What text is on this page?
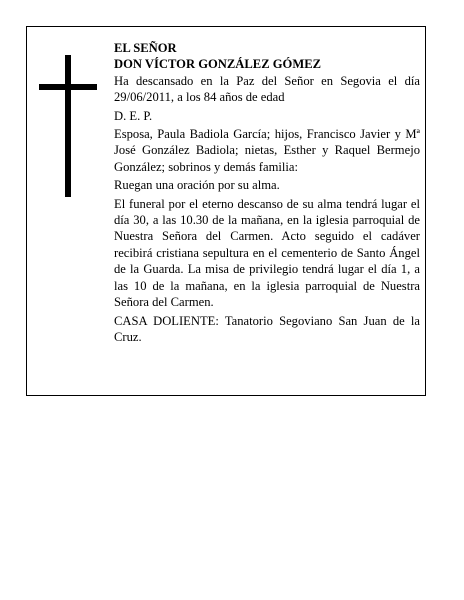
EL SEÑOR

DON VÍCTOR GONZÁLEZ GÓMEZ

Ha descansado en la Paz del Señor en Segovia el día 29/06/2011, a los 84 años de edad

D. E. P.

Esposa, Paula Badiola García; hijos, Francisco Javier y Mª José González Badiola; nietas, Esther y Raquel Bermejo González; sobrinos y demás familia:

Ruegan una oración por su alma.

El funeral por el eterno descanso de su alma tendrá lugar el día 30, a las 10.30 de la mañana, en la iglesia parroquial de Nuestra Señora del Carmen. Acto seguido el cadáver recibirá cristiana sepultura en el cementerio de Santo Ángel de la Guarda. La misa de privilegio tendrá lugar el día 1, a las 10 de la mañana, en la iglesia parroquial de Nuestra Señora del Carmen.

CASA DOLIENTE: Tanatorio Segoviano San Juan de la Cruz.
